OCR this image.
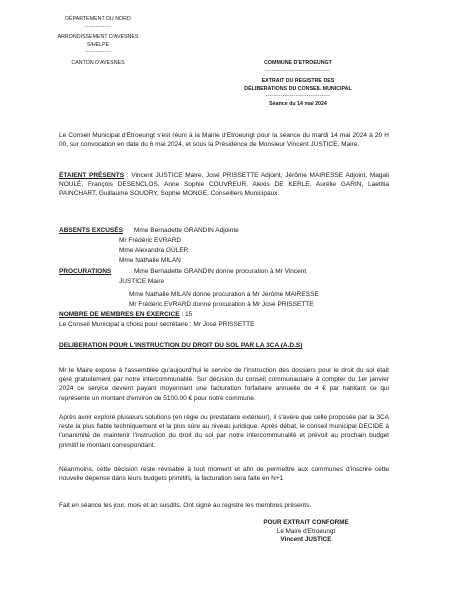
DÉPARTEMENT DU NORD
------------
ARRONDISSEMENT D'AVESNES S/HELPE
------------
CANTON D'AVESNES	COMMUNE D'ETROEUNGT
------------------------------
EXTRAIT DU REGISTRE DES
DÉLIBERATIONS DU CONSEIL MUNICIPAL
------------------------------
Séance du 14 mai 2024
Le Conseil Municipal d'Etroeungt s'est réuni à la Mairie d'Etroeungt pour la séance du mardi 14 mai 2024 à 20 H 00, sur convocation en date du 6 mai 2024, et sous la Présidence de Monsieur Vincent JUSTICE, Maire.
ÉTAIENT PRÉSENTS : Vincent JUSTICE Maire, José PRISSETTE Adjoint, Jérôme MAIRESSE Adjoint, Magali NOULÉ, François DESENCLOS, Anne Sophie COUVREUR, Alexis DE KERLE, Aurélie GARIN, Laetitia PAINCHART, Guillaume SOUDRY, Sophie MONGE, Conseillers Municipaux.
ABSENTS EXCUSÉS Mme Bernadette GRANDIN Adjointe
Mr Frédéric EVRARD
Mme Alexandra GÜLER
Mme Nathalie MILAN
PROCURATIONS	Mme Bernadette GRANDIN donne procuration à Mr Vincent
JUSTICE Maire
Mme Nathalie MILAN donne procuration à Mr Jérôme MAIRESSE
Mr Frédéric EVRARD donne procuration à Mr José PRISSETTE
NOMBRE DE MEMBRES EN EXERCICE : 15
Le Conseil Municipal a choisi pour secrétaire : Mr José PRISSETTE
DELIBERATION POUR L'INSTRUCTION DU DROIT DU SOL PAR LA 3CA (A.D.S)
Mr le Maire expose à l'assemblée qu'aujourd'hui le service de l'instruction des dossiers pour le droit du sol était géré gratuitement par notre intercommunalité. Sur décision du conseil communautaire à compter du 1er janvier 2024 ce service devient payant moyennant une facturation forfaitaire annuelle de 4 € par habitant ce qui représente un montant d'environ de 5100.00 € pour notre commune.
Après avoir exploré plusieurs solutions (en régie ou prestataire extérieur), il s'avère que celle proposée par la 3CA reste la plus fiable techniquement et la plus sûre au niveau juridique. Après débat, le conseil municipal DECIDE à l'unanimité de maintenir l'instruction du droit du sol par notre intercommunalité et prévoit au prochain budget primitif le montant correspondant.
Néanmoins, cette décision reste révisable à tout moment et afin de permettre aux communes d'inscrire cette nouvelle dépense dans leurs budgets primitifs, la facturation sera faite en N+1
Fait en séance les jour, mois et an susdits. Ont signé au registre les membres présents.
POUR EXTRAIT CONFORME
Le Maire d'Etroeungt
Vincent JUSTICE
